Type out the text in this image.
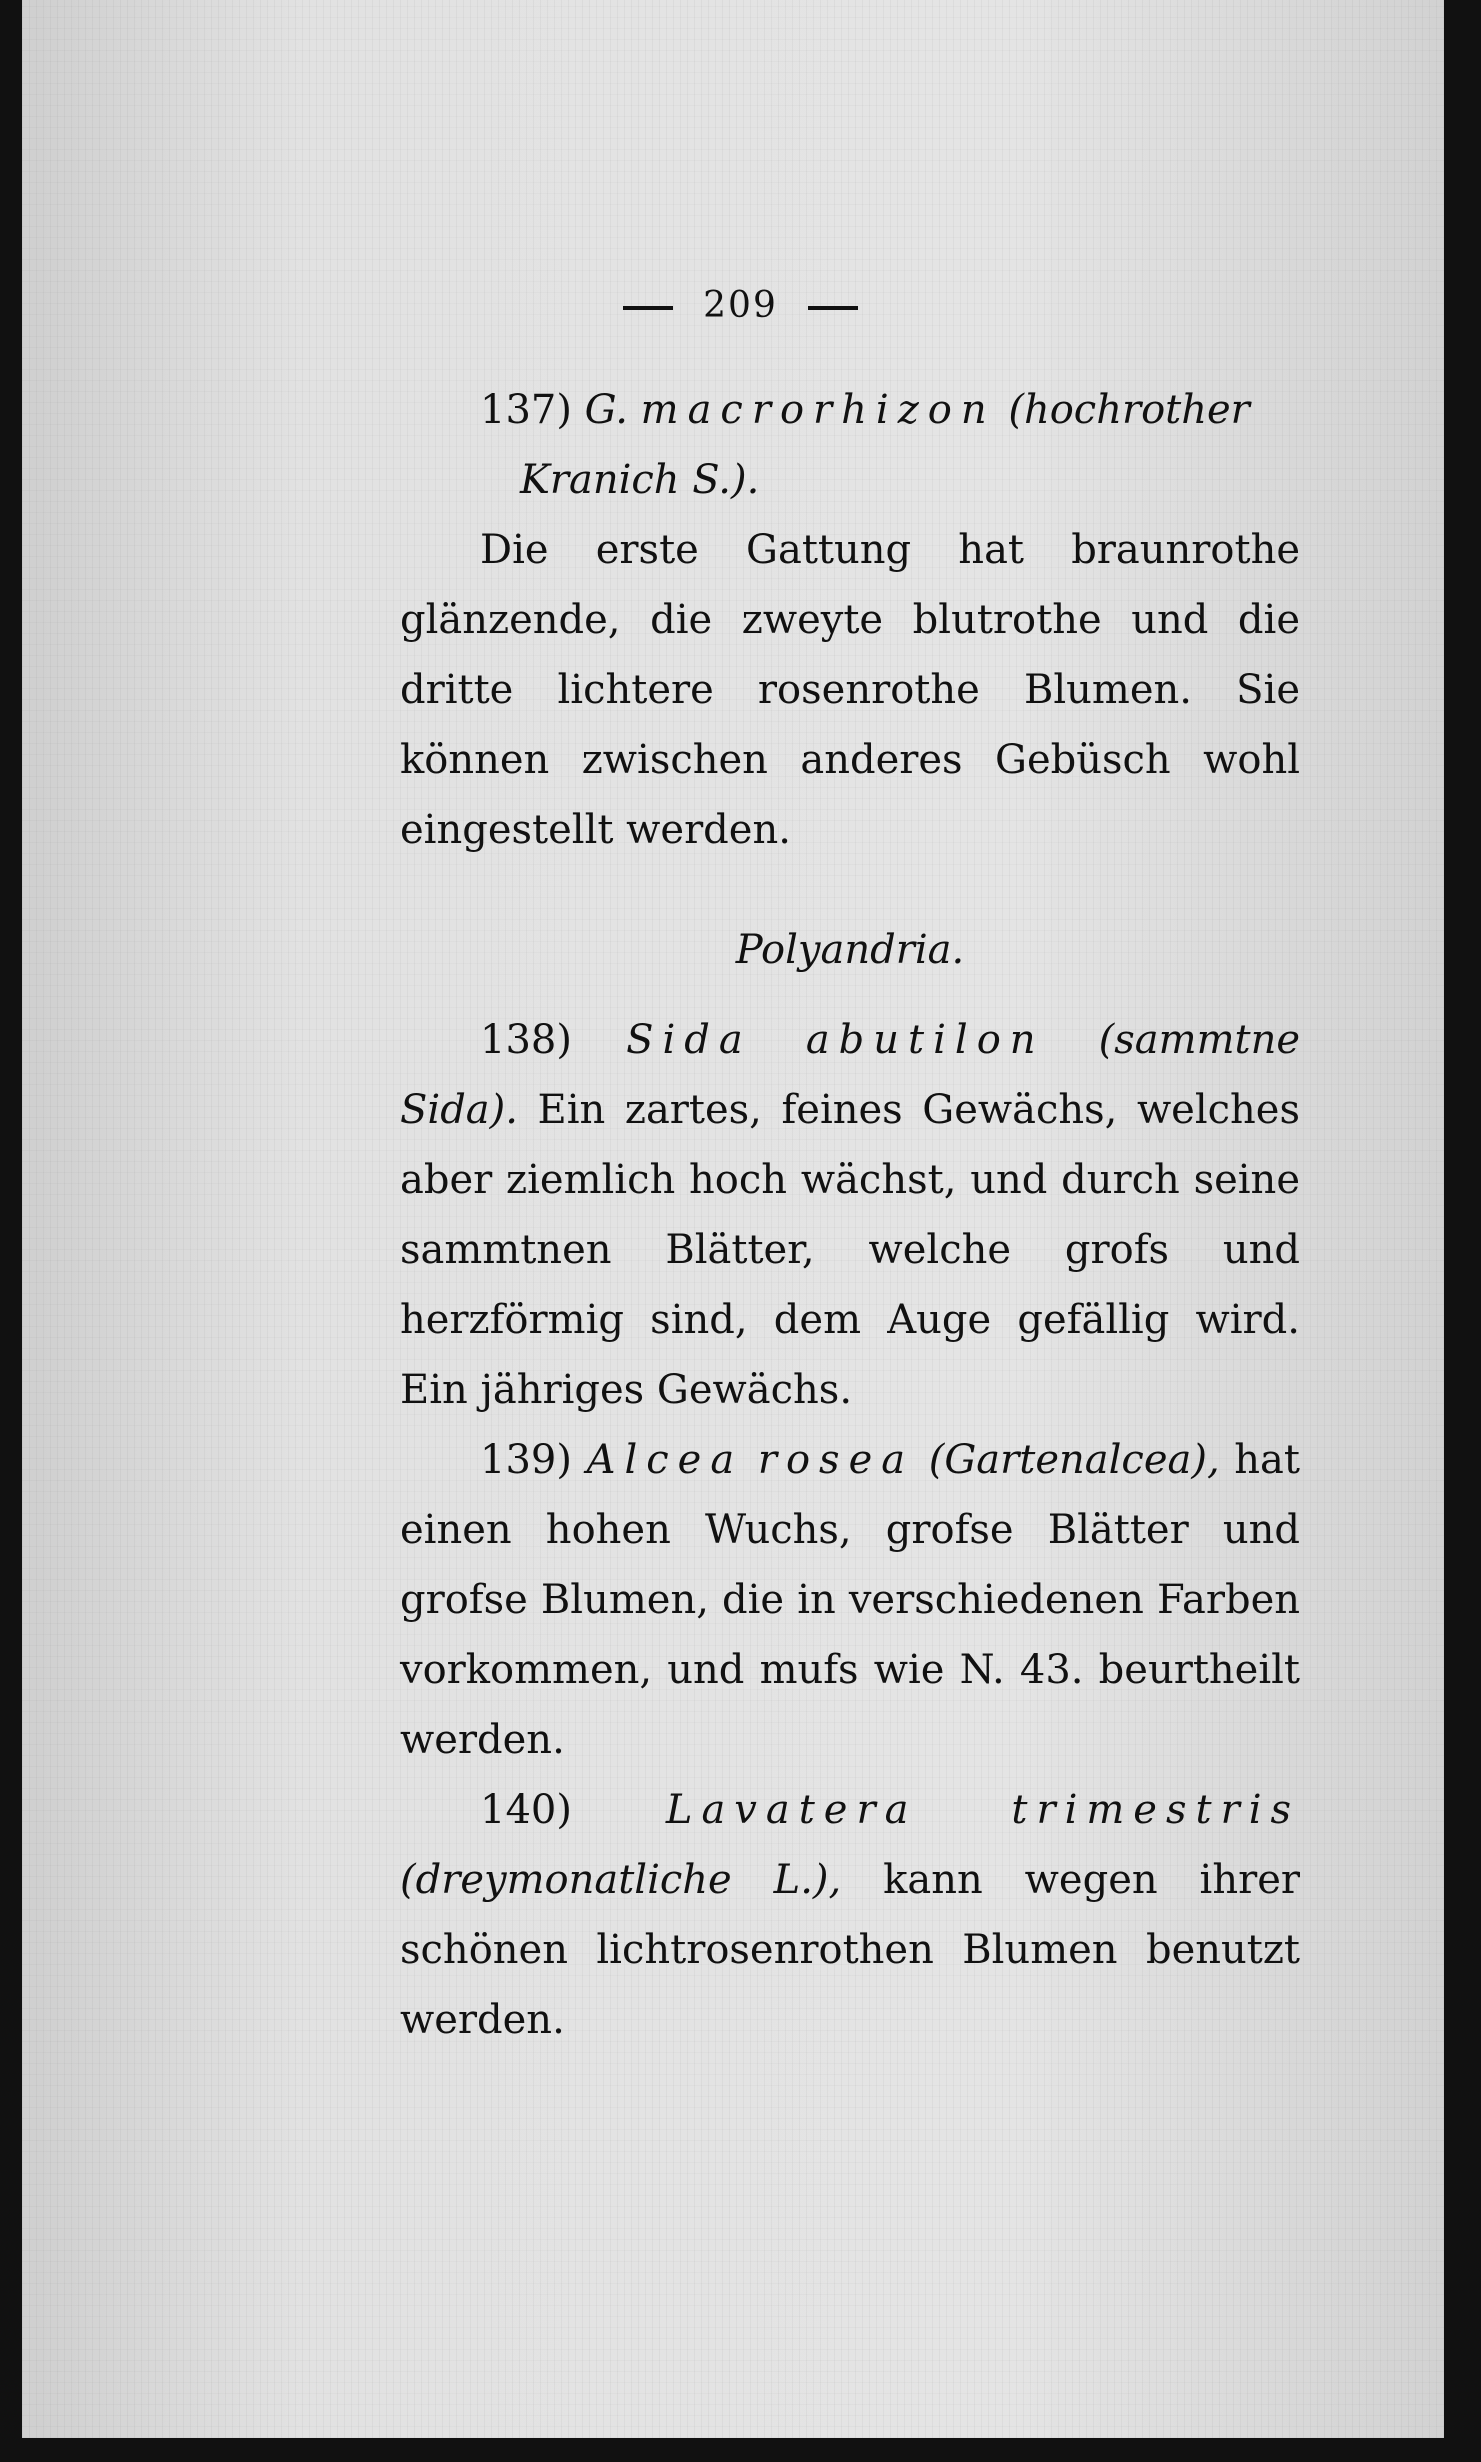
209

137) G. macrorhizon (hochrother
Kranich S.).

Die erste Gattung hat braunrothe glänzende, die zweyte blutrothe und die dritte lichtere rosenrothe Blumen. Sie können zwischen anderes Gebüsch wohl eingestellt werden.

Polyandria.

138) Sida abutilon (sammtne Sida). Ein zartes, feines Gewächs, welches aber ziemlich hoch wächst, und durch seine sammtnen Blätter, welche grofs und herzförmig sind, dem Auge gefällig wird. Ein jähriges Gewächs.

139) Alcea rosea (Gartenalcea), hat einen hohen Wuchs, grofse Blätter und grofse Blumen, die in verschiedenen Farben vorkommen, und mufs wie N. 43. beurtheilt werden.

140) Lavatera trimestris (dreymonatliche L.), kann wegen ihrer schönen lichtrosenrothen Blumen benutzt werden.
